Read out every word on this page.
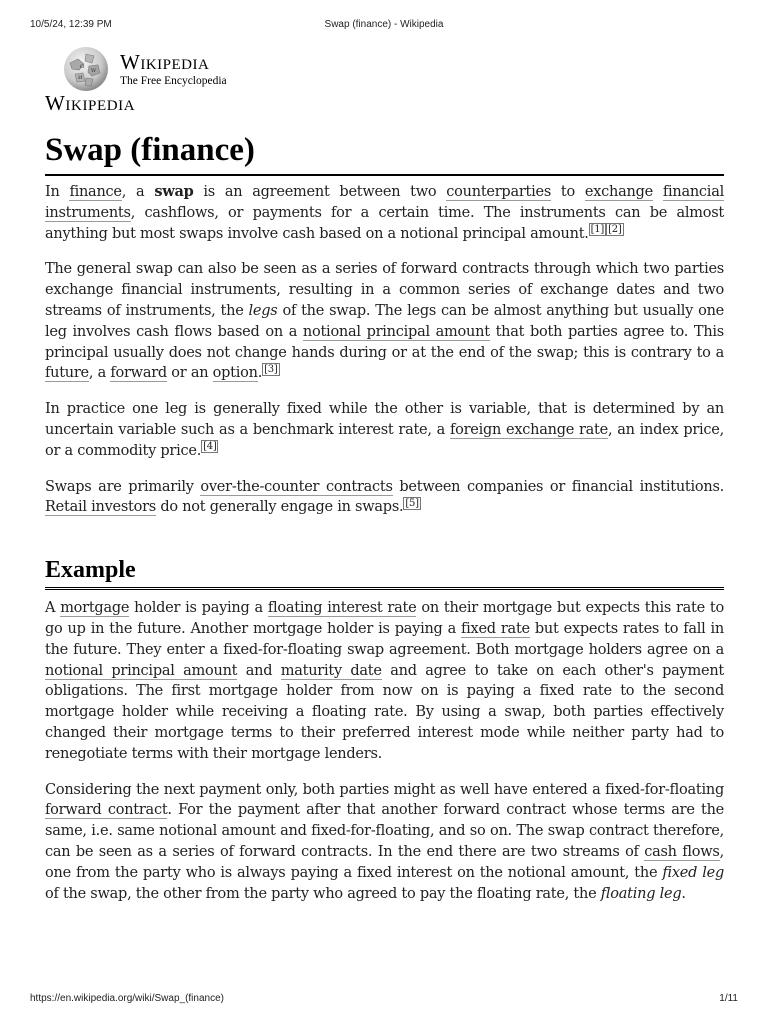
10/5/24, 12:39 PM	Swap (finance) - Wikipedia
Ω
W
И
Wikipedia
The Free Encyclopedia
Wikipedia
Swap (finance)

In finance, a swap is an agreement between two counterparties to exchange financial instruments, cashflows, or payments for a certain time. The instruments can be almost anything but most swaps involve cash based on a notional principal amount. [1] [2]

The general swap can also be seen as a series of forward contracts through which two parties exchange financial instruments, resulting in a common series of exchange dates and two streams of instruments, the legs of the swap. The legs can be almost anything but usually one leg involves cash flows based on a notional principal amount that both parties agree to. This principal usually does not change hands during or at the end of the swap; this is contrary to a future, a forward or an option. [3]

In practice one leg is generally fixed while the other is variable, that is determined by an uncertain variable such as a benchmark interest rate, a foreign exchange rate, an index price, or a commodity price. [4]

Swaps are primarily over-the-counter contracts between companies or financial institutions. Retail investors do not generally engage in swaps. [5]

Example

A mortgage holder is paying a floating interest rate on their mortgage but expects this rate to go up in the future. Another mortgage holder is paying a fixed rate but expects rates to fall in the future. They enter a fixed-for-floating swap agreement. Both mortgage holders agree on a notional principal amount and maturity date and agree to take on each other's payment obligations. The first mortgage holder from now on is paying a fixed rate to the second mortgage holder while receiving a floating rate. By using a swap, both parties effectively changed their mortgage terms to their preferred interest mode while neither party had to renegotiate terms with their mortgage lenders.

Considering the next payment only, both parties might as well have entered a fixed-for-floating forward contract. For the payment after that another forward contract whose terms are the same, i.e. same notional amount and fixed-for-floating, and so on. The swap contract therefore, can be seen as a series of forward contracts. In the end there are two streams of cash flows, one from the party who is always paying a fixed interest on the notional amount, the fixed leg of the swap, the other from the party who agreed to pay the floating rate, the floating leg.

https://en.wikipedia.org/wiki/Swap_(finance)	1/11
